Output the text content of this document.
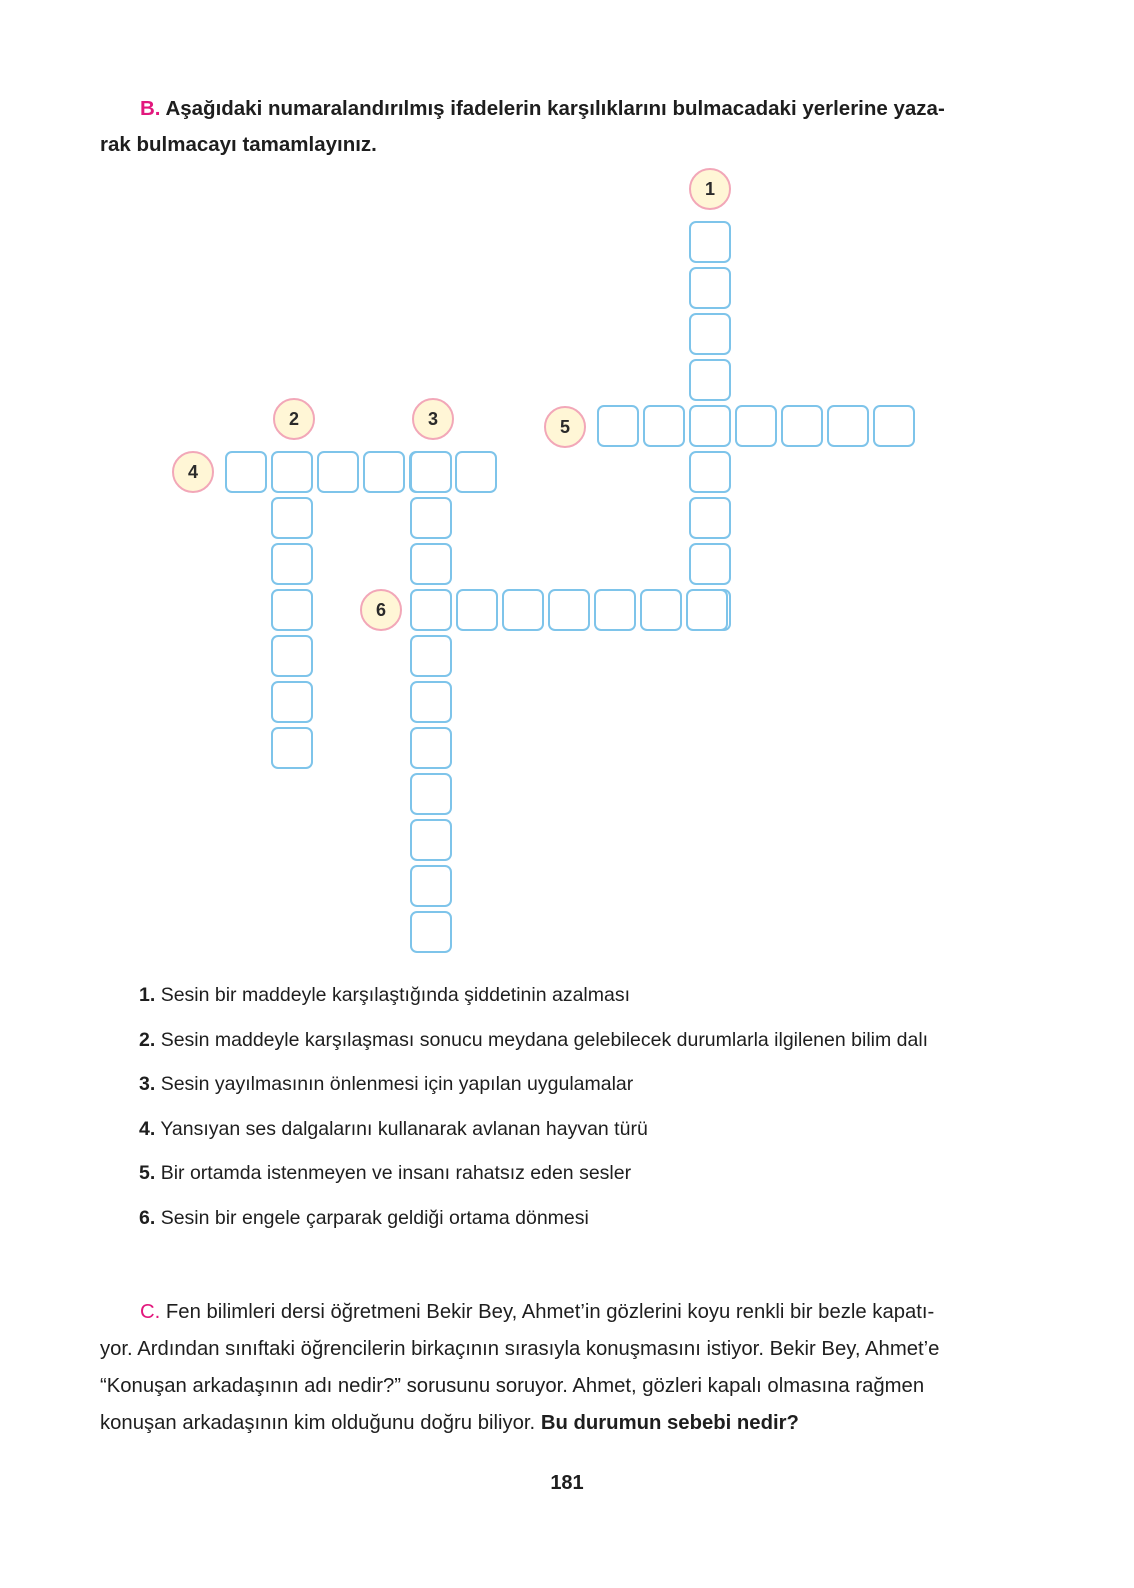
B. Aşağıdaki numaralandırılmış ifadelerin karşılıklarını bulmacadaki yerlerine yaza-
rak bulmacayı tamamlayınız.
1
2	3
4
5
6
1. Sesin bir maddeyle karşılaştığında şiddetinin azalması
2. Sesin maddeyle karşılaşması sonucu meydana gelebilecek durumlarla ilgilenen bilim dalı
3. Sesin yayılmasının önlenmesi için yapılan uygulamalar
4. Yansıyan ses dalgalarını kullanarak avlanan hayvan türü
5. Bir ortamda istenmeyen ve insanı rahatsız eden sesler
6. Sesin bir engele çarparak geldiği ortama dönmesi
C. Fen bilimleri dersi öğretmeni Bekir Bey, Ahmet’in gözlerini koyu renkli bir bezle kapatı-
yor. Ardından sınıftaki öğrencilerin birkaçının sırasıyla konuşmasını istiyor. Bekir Bey, Ahmet’e
“Konuşan arkadaşının adı nedir?” sorusunu soruyor. Ahmet, gözleri kapalı olmasına rağmen
konuşan arkadaşının kim olduğunu doğru biliyor. Bu durumun sebebi nedir?
181
